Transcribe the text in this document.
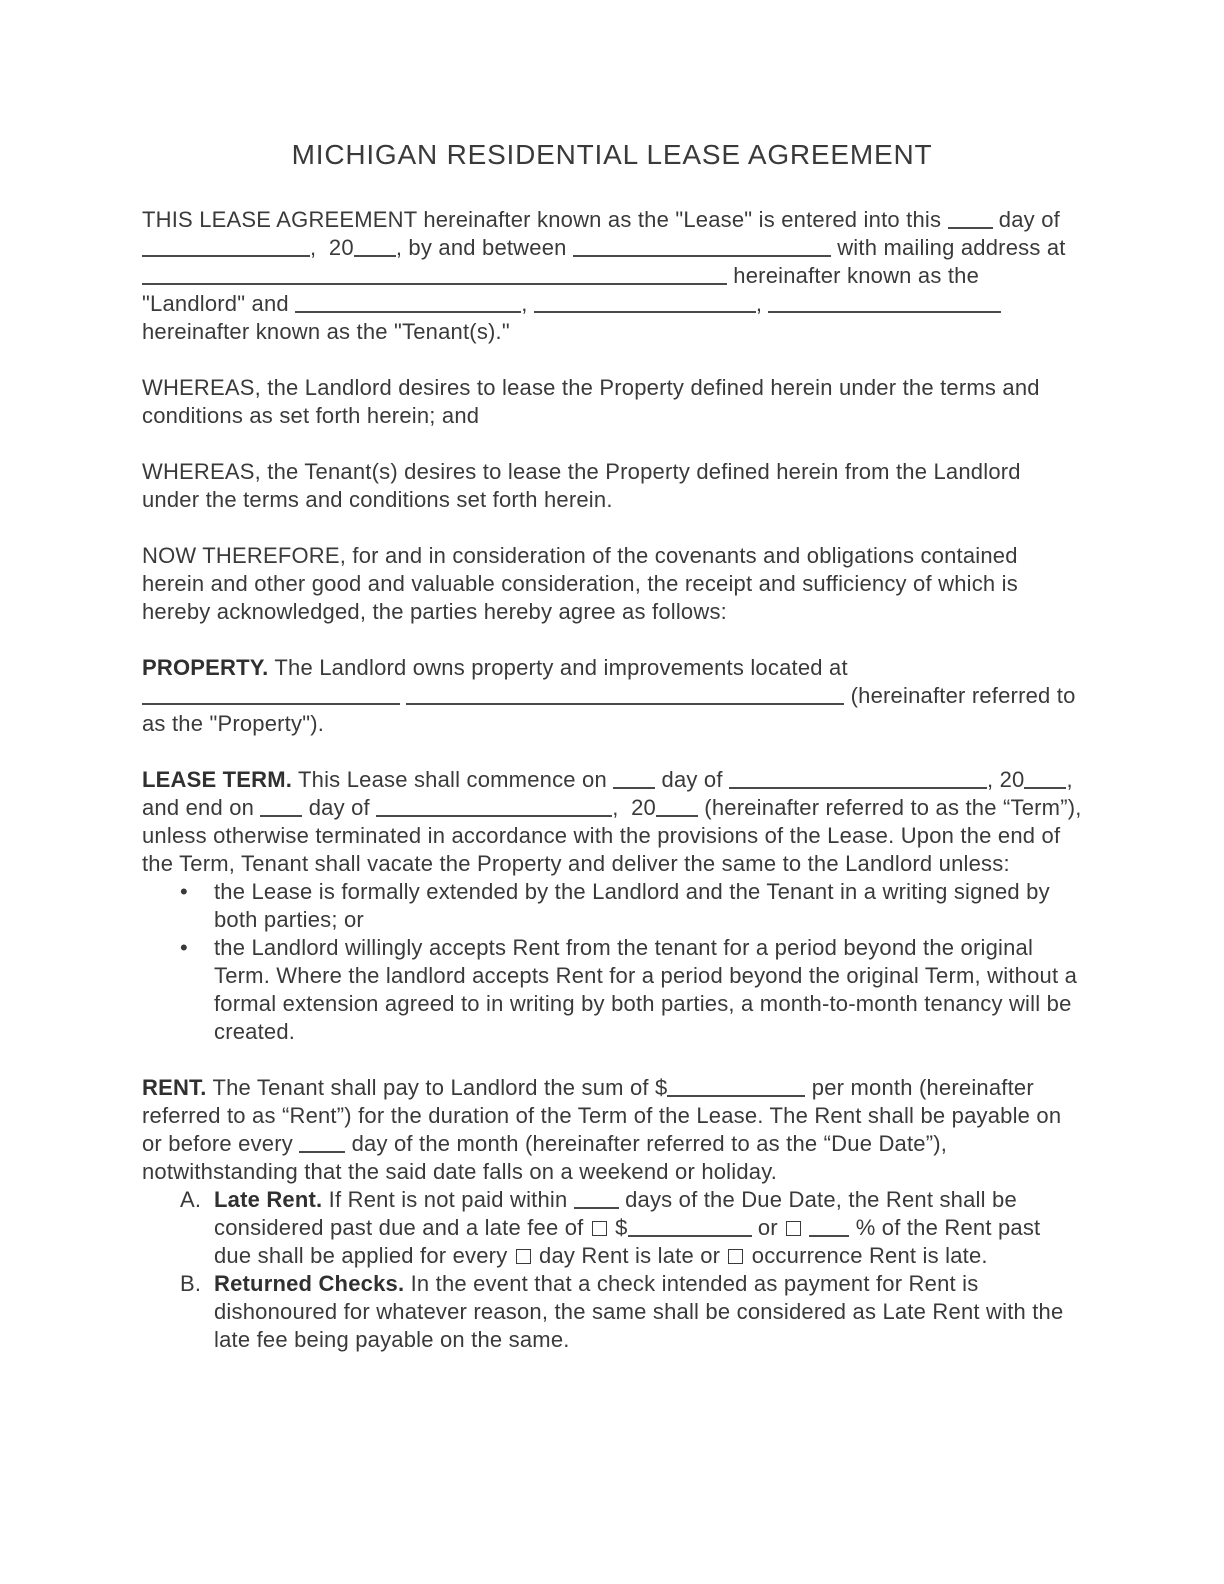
MICHIGAN RESIDENTIAL LEASE AGREEMENT

THIS LEASE AGREEMENT hereinafter known as the "Lease" is entered into this  day of ,  20 , by and between	with mailing address at  hereinafter known as the "Landlord" and	,	,  hereinafter known as the "Tenant(s)."

WHEREAS, the Landlord desires to lease the Property defined herein under the terms and conditions as set forth herein; and

WHEREAS, the Tenant(s) desires to lease the Property defined herein from the Landlord under the terms and conditions set forth herein.

NOW THEREFORE, for and in consideration of the covenants and obligations contained herein and other good and valuable consideration, the receipt and sufficiency of which is hereby acknowledged, the parties hereby agree as follows:

PROPERTY. The Landlord owns property and improvements located at  (hereinafter referred to as the "Property").

LEASE TERM. This Lease shall commence on  day of	, 20 , and end on  day of	,  20 (hereinafter referred to as the “Term”), unless otherwise terminated in accordance with the provisions of the Lease. Upon the end of the Term, Tenant shall vacate the Property and deliver the same to the Landlord unless:

• the Lease is formally extended by the Landlord and the Tenant in a writing signed by both parties; or
• the Landlord willingly accepts Rent from the tenant for a period beyond the original Term. Where the landlord accepts Rent for a period beyond the original Term, without a formal extension agreed to in writing by both parties, a month-to-month tenancy will be created.

RENT. The Tenant shall pay to Landlord the sum of $	per month (hereinafter referred to as “Rent”) for the duration of the Term of the Lease. The Rent shall be payable on or before every  day of the month (hereinafter referred to as the “Due Date”), notwithstanding that the said date falls on a weekend or holiday.

A. Late Rent. If Rent is not paid within  days of the Due Date, the Rent shall be considered past due and a late fee of  $	or	% of the Rent past due shall be applied for every  day Rent is late or  occurrence Rent is late.
B. Returned Checks. In the event that a check intended as payment for Rent is dishonoured for whatever reason, the same shall be considered as Late Rent with the late fee being payable on the same.
